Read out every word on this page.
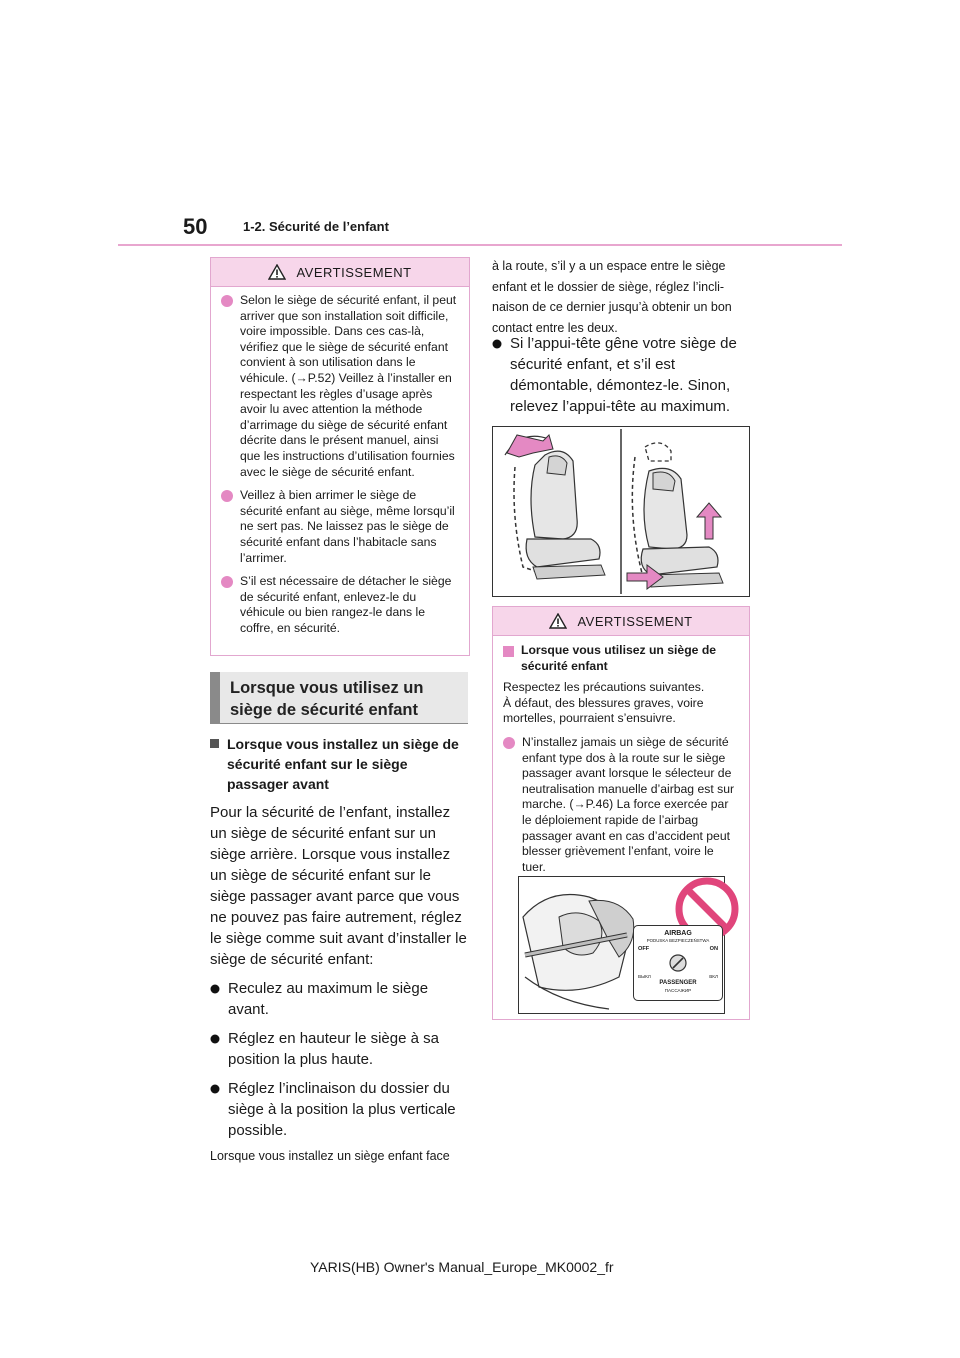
50	1-2. Sécurité de l’enfant
AVERTISSEMENT
Selon le siège de sécurité enfant, il peut arriver que son installation soit difficile, voire impossible. Dans ces cas-là, vérifiez que le siège de sécurité enfant convient à son utilisation dans le véhicule. (→P.52) Veillez à l’installer en respectant les règles d’usage après avoir lu avec attention la méthode d’arrimage du siège de sécurité enfant décrite dans le présent manuel, ainsi que les instructions d’utilisation fournies avec le siège de sécurité enfant.
Veillez à bien arrimer le siège de sécurité enfant au siège, même lorsqu’il ne sert pas. Ne laissez pas le siège de sécurité enfant dans l’habitacle sans l’arrimer.
S’il est nécessaire de détacher le siège de sécurité enfant, enlevez-le du véhicule ou bien rangez-le dans le coffre, en sécurité.
Lorsque vous utilisez un siège de sécurité enfant
Lorsque vous installez un siège de sécurité enfant sur le siège passager avant
Pour la sécurité de l’enfant, installez un siège de sécurité enfant sur un siège arrière. Lorsque vous installez un siège de sécurité enfant sur le siège passager avant parce que vous ne pouvez pas faire autrement, réglez le siège comme suit avant d’installer le siège de sécurité enfant:
Reculez au maximum le siège avant.
Réglez en hauteur le siège à sa position la plus haute.
Réglez l’inclinaison du dossier du siège à la position la plus verticale possible.
Lorsque vous installez un siège enfant face
à la route, s’il y a un espace entre le siège
enfant et le dossier de siège, réglez l’incli-
naison de ce dernier jusqu’à obtenir un bon
contact entre les deux.
Si l’appui-tête gêne votre siège de sécurité enfant, et s’il est démontable, démontez-le. Sinon, relevez l’appui-tête au maximum.
AVERTISSEMENT
Lorsque vous utilisez un siège de sécurité enfant
Respectez les précautions suivantes.
À défaut, des blessures graves, voire mortelles, pourraient s’ensuivre.
N’installez jamais un siège de sécurité enfant type dos à la route sur le siège passager avant lorsque le sélecteur de neutralisation manuelle d’airbag est sur marche. (→P.46) La force exercée par le déploiement rapide de l’airbag passager avant en cas d’accident peut blesser grièvement l’enfant, voire le tuer.
AIRBAG
PODUSKA BEZPIECZEŃSTWA
OFF	ON
ВЫКЛ	ВКЛ
PASSENGER
ПАССАЖИР
YARIS(HB) Owner's Manual_Europe_MK0002_fr
